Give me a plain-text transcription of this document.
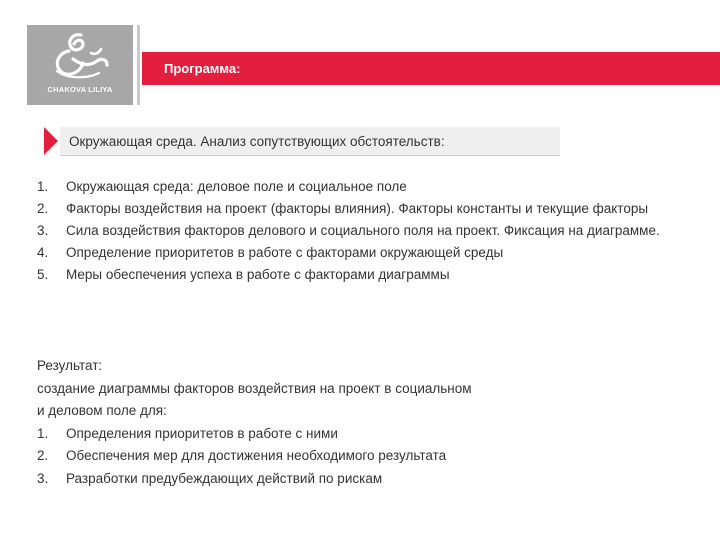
CHAKOVA LILIYA
Программа:
Окружающая среда. Анализ сопутствующих обстоятельств:
1. Окружающая среда: деловое поле и социальное поле
2. Факторы воздействия на проект (факторы влияния). Факторы константы и текущие факторы
3. Сила воздействия факторов делового и социального поля на проект. Фиксация на диаграмме.
4. Определение приоритетов в работе с факторами окружающей среды
5. Меры обеспечения успеха в работе с факторами диаграммы
Результат:
создание диаграммы факторов воздействия на проект в социальном
и деловом поле для:
1. Определения приоритетов в работе с ними
2. Обеспечения мер для достижения необходимого результата
3. Разработки предубеждающих действий по рискам
